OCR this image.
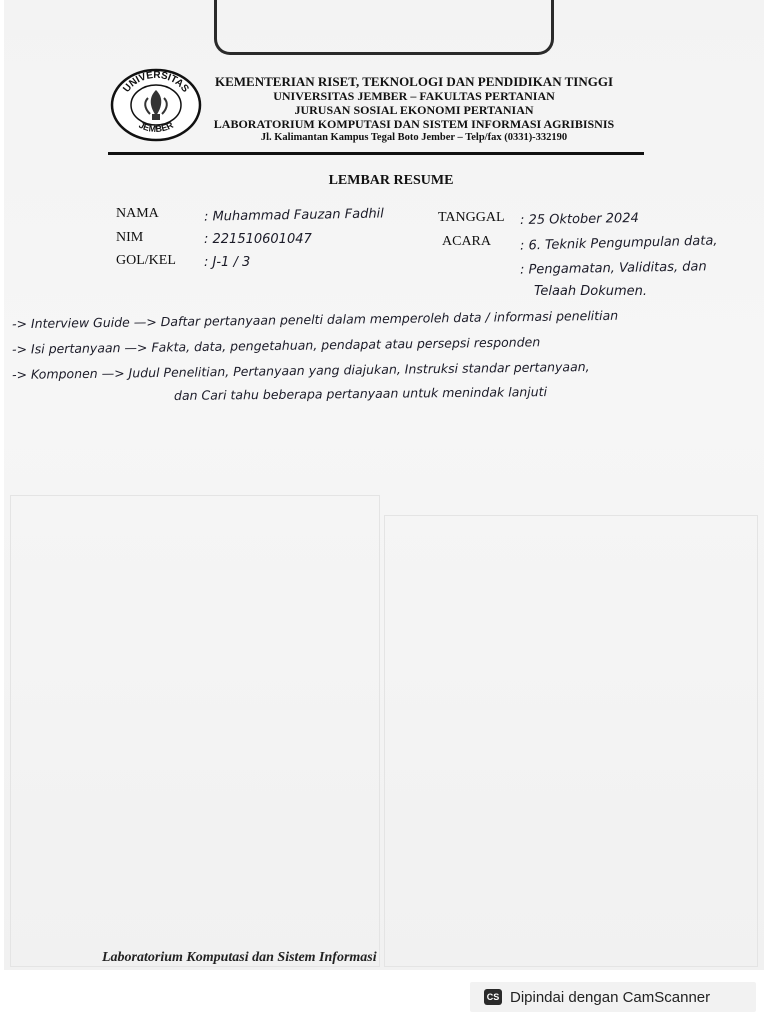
UNIVERSITAS
JEMBER
KEMENTERIAN RISET, TEKNOLOGI DAN PENDIDIKAN TINGGI
UNIVERSITAS JEMBER – FAKULTAS PERTANIAN
JURUSAN SOSIAL EKONOMI PERTANIAN
LABORATORIUM KOMPUTASI DAN SISTEM INFORMASI AGRIBISNIS
Jl. Kalimantan Kampus Tegal Boto Jember – Telp/fax (0331)-332190
LEMBAR RESUME
NAMA	: Muhammad Fauzan Fadhil
NIM	: 221510601047
GOL/KEL : J-1 / 3
TANGGAL : 25 Oktober 2024
ACARA : 6. Teknik Pengumpulan data,
: Pengamatan, Validitas, dan
Telaah Dokumen.
-> Interview Guide —> Daftar pertanyaan penelti dalam memperoleh data / informasi penelitian
-> Isi pertanyaan —> Fakta, data, pengetahuan, pendapat atau persepsi responden
-> Komponen —> Judul Penelitian, Pertanyaan yang diajukan, Instruksi standar pertanyaan,
dan Cari tahu beberapa pertanyaan untuk menindak lanjuti
Laboratorium Komputasi dan Sistem Informasi
CS Dipindai dengan CamScanner
